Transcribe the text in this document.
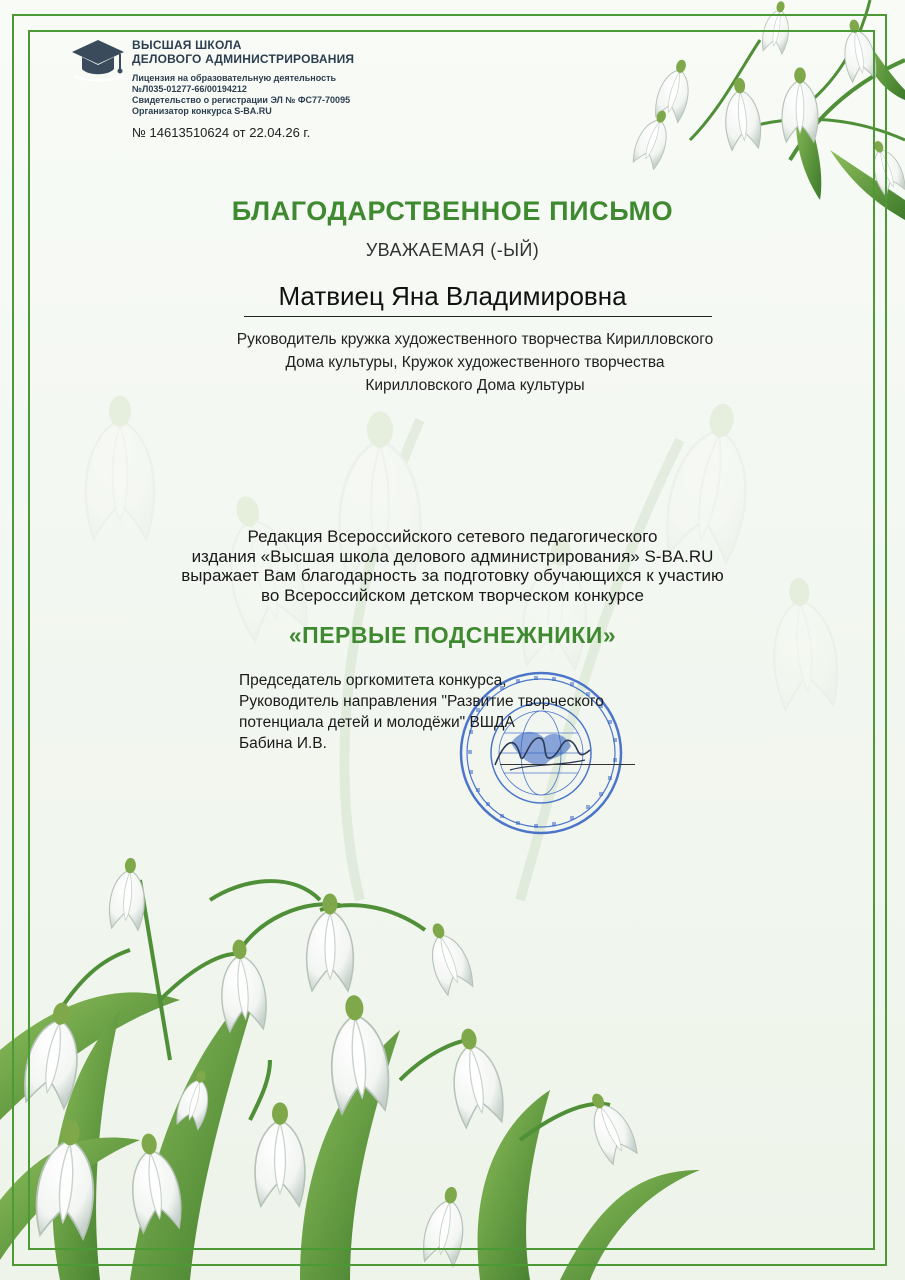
ВЫСШАЯ ШКОЛА
ДЕЛОВОГО АДМИНИСТРИРОВАНИЯ
Лицензия на образовательную деятельность
№Л035-01277-66/00194212
Свидетельство о регистрации ЭЛ № ФС77-70095
Организатор конкурса S-BA.RU
№ 14613510624 от 22.04.26 г.
БЛАГОДАРСТВЕННОЕ ПИСЬМО
УВАЖАЕМАЯ (-ЫЙ)
Матвиец Яна Владимировна
Руководитель кружка художественного творчества Кирилловского
Дома культуры, Кружок художественного творчества
Кирилловского Дома культуры
Редакция Всероссийского сетевого педагогического
издания «Высшая школа делового администрирования» S-BA.RU
выражает Вам благодарность за подготовку обучающихся к участию
во Всероссийском детском творческом конкурсе
«ПЕРВЫЕ ПОДСНЕЖНИКИ»
Председатель оргкомитета конкурса,
Руководитель направления "Развитие творческого
потенциала детей и молодёжи" ВШДА
Бабина И.В.
